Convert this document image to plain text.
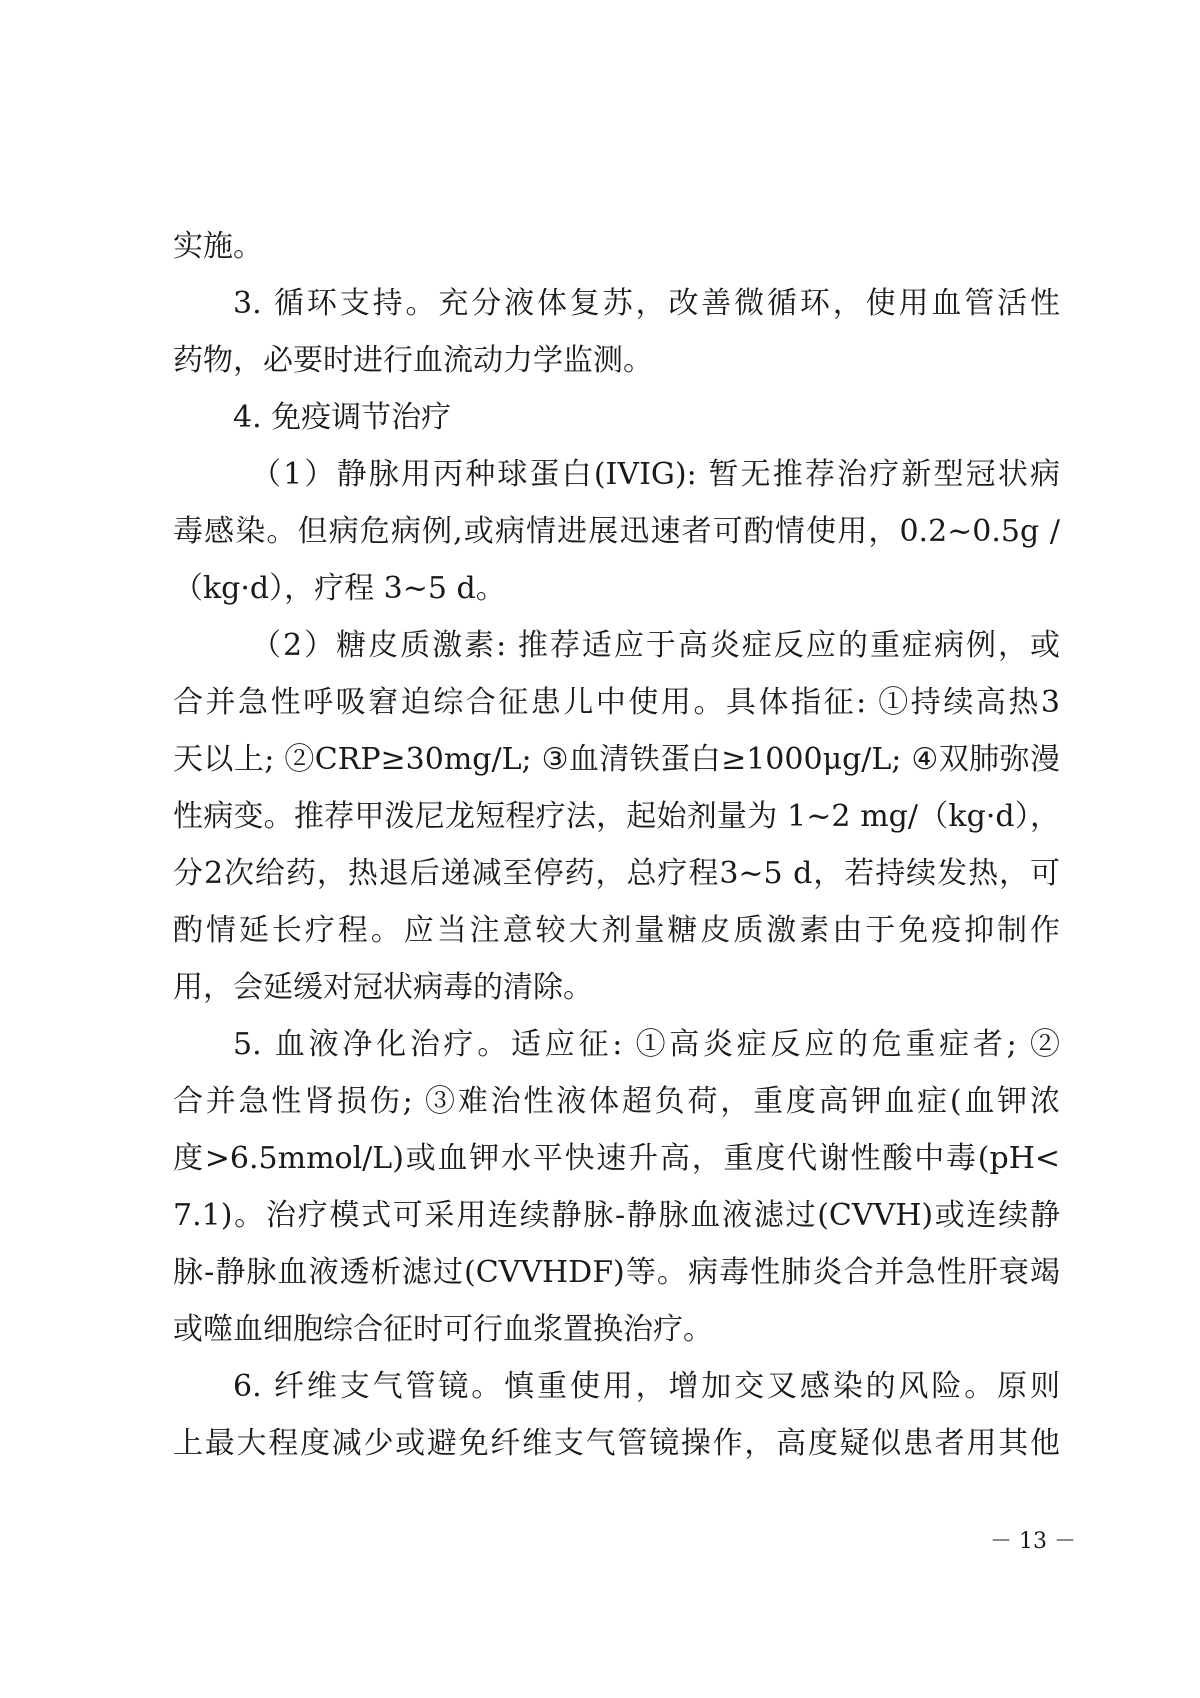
实施。
3. 循环支持。充分液体复苏，改善微循环，使用血管活性
药物，必要时进行血流动力学监测。
4. 免疫调节治疗
（1）静脉用丙种球蛋白(IVIG): 暂无推荐治疗新型冠状病
毒感染。但病危病例,或病情进展迅速者可酌情使用，0.2~0.5g /
（kg·d），疗程 3~5 d。
（2）糖皮质激素: 推荐适应于高炎症反应的重症病例，或
合并急性呼吸窘迫综合征患儿中使用。具体指征: ①持续高热3
天以上; ②CRP≥30mg/L; ③血清铁蛋白≥1000μg/L; ④双肺弥漫
性病变。推荐甲泼尼龙短程疗法，起始剂量为 1~2 mg/（kg·d），
分2次给药，热退后递减至停药，总疗程3~5 d，若持续发热，可
酌情延长疗程。应当注意较大剂量糖皮质激素由于免疫抑制作
用，会延缓对冠状病毒的清除。
5. 血液净化治疗。适应征: ①高炎症反应的危重症者; ②
合并急性肾损伤; ③难治性液体超负荷，重度高钾血症(血钾浓
度>6.5mmol/L)或血钾水平快速升高，重度代谢性酸中毒(pH<
7.1)。治疗模式可采用连续静脉-静脉血液滤过(CVVH)或连续静
脉-静脉血液透析滤过(CVVHDF)等。病毒性肺炎合并急性肝衰竭
或噬血细胞综合征时可行血浆置换治疗。
6. 纤维支气管镜。慎重使用，增加交叉感染的风险。原则
上最大程度减少或避免纤维支气管镜操作，高度疑似患者用其他
－ 13 －
